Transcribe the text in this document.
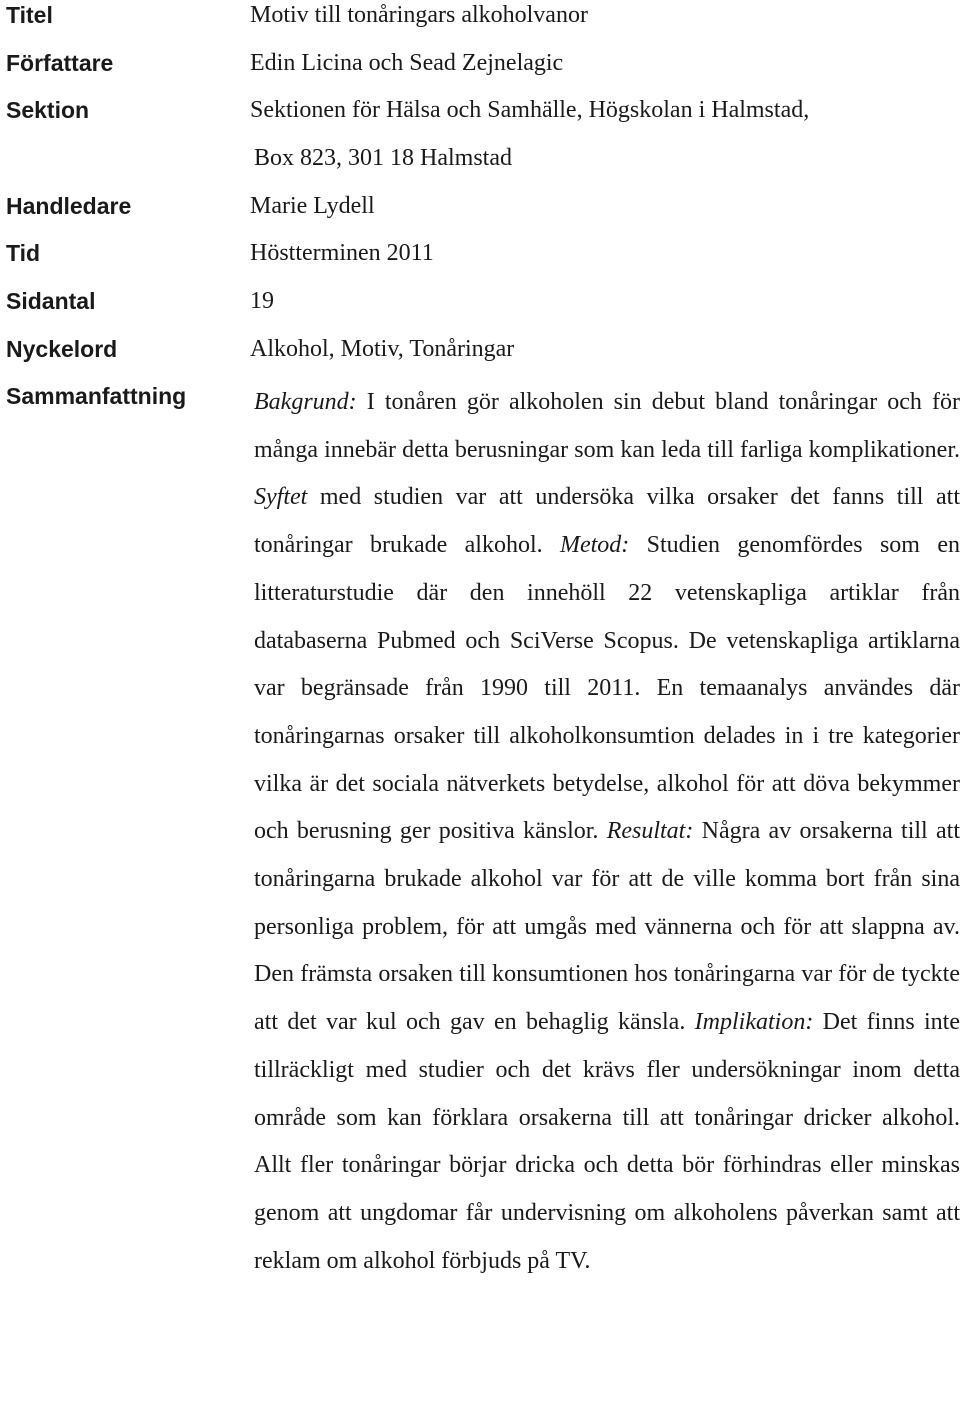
Titel	Motiv till tonåringars alkoholvanor
Författare	Edin Licina och Sead Zejnelagic
Sektion	Sektionen för Hälsa och Samhälle, Högskolan i Halmstad,
Box 823, 301 18 Halmstad
Handledare	Marie Lydell
Tid	Höstterminen 2011
Sidantal	19
Nyckelord	Alkohol, Motiv, Tonåringar
Sammanfattning	Bakgrund: I tonåren gör alkoholen sin debut bland tonåringar och för många innebär detta berusningar som kan leda till farliga komplikationer. Syftet med studien var att undersöka vilka orsaker det fanns till att tonåringar brukade alkohol. Metod: Studien genomfördes som en litteraturstudie där den innehöll 22 vetenskapliga artiklar från databaserna Pubmed och SciVerse Scopus. De vetenskapliga artiklarna var begränsade från 1990 till 2011. En temaanalys användes där tonåringarnas orsaker till alkoholkonsumtion delades in i tre kategorier vilka är det sociala nätverkets betydelse, alkohol för att döva bekymmer och berusning ger positiva känslor. Resultat: Några av orsakerna till att tonåringarna brukade alkohol var för att de ville komma bort från sina personliga problem, för att umgås med vännerna och för att slappna av. Den främsta orsaken till konsumtionen hos tonåringarna var för de tyckte att det var kul och gav en behaglig känsla. Implikation: Det finns inte tillräckligt med studier och det krävs fler undersökningar inom detta område som kan förklara orsakerna till att tonåringar dricker alkohol. Allt fler tonåringar börjar dricka och detta bör förhindras eller minskas genom att ungdomar får undervisning om alkoholens påverkan samt att reklam om alkohol förbjuds på TV.
